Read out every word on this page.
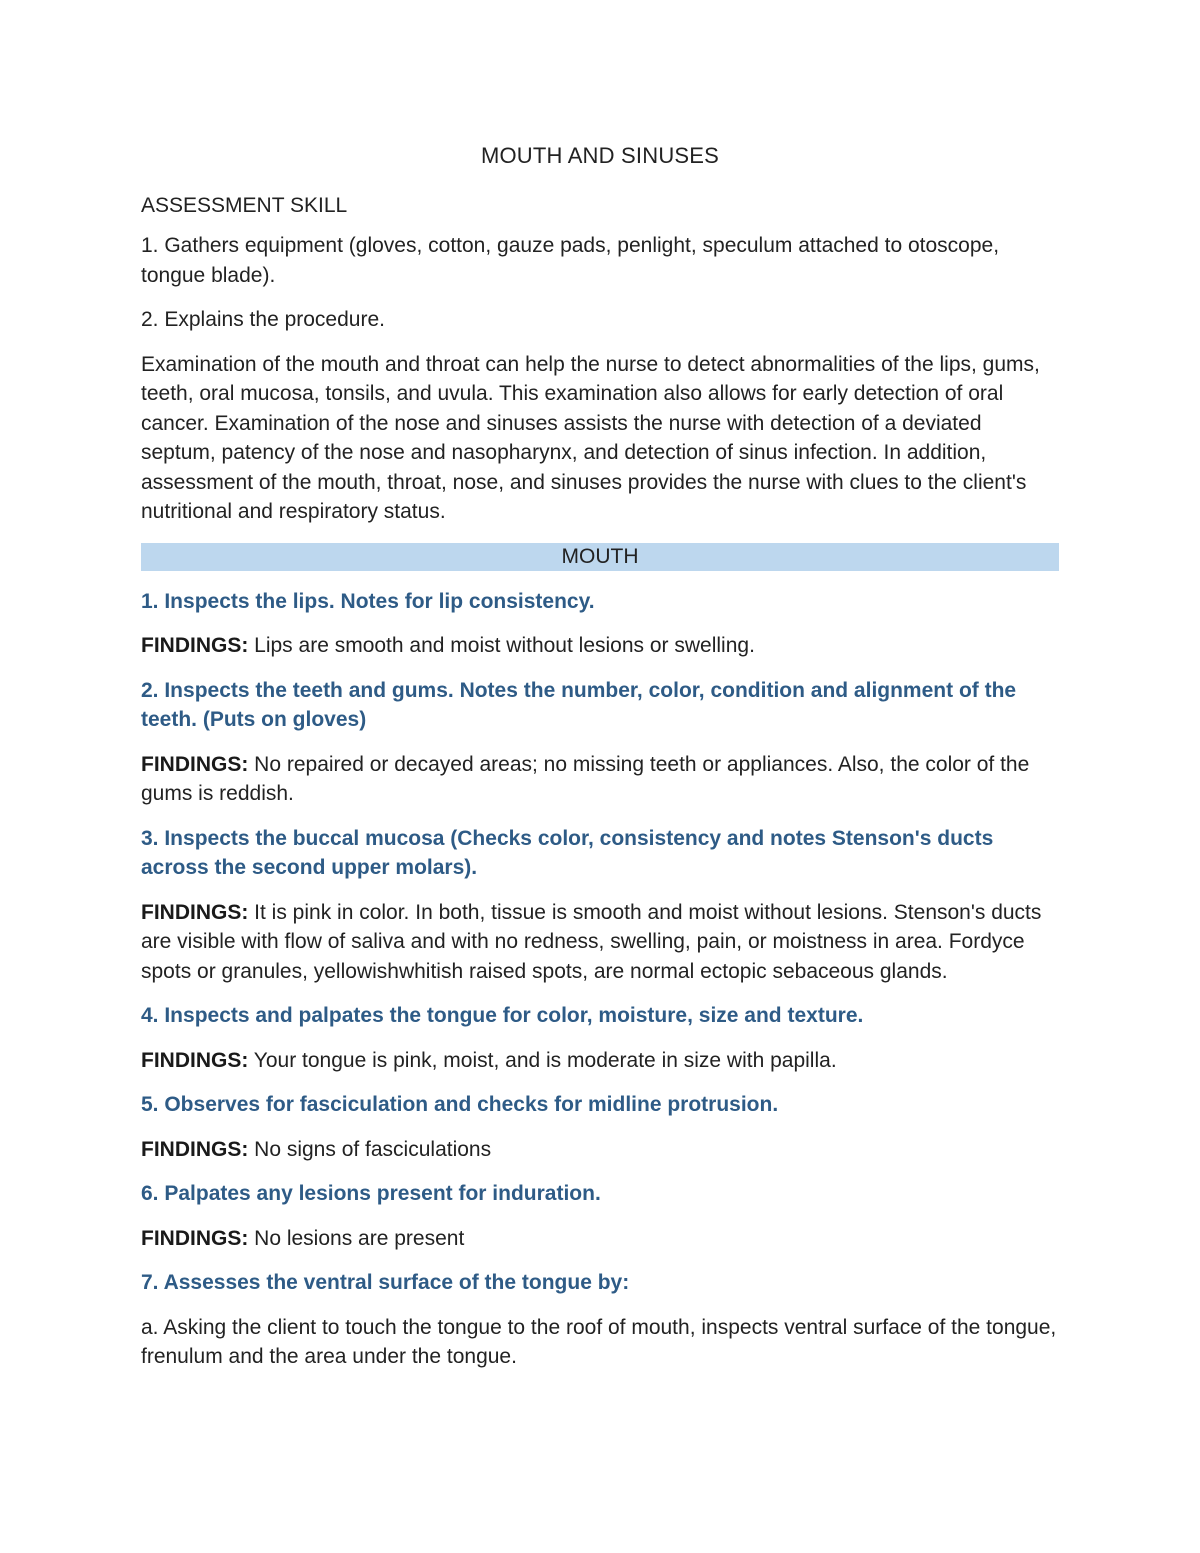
MOUTH AND SINUSES
ASSESSMENT SKILL

1. Gathers equipment (gloves, cotton, gauze pads, penlight, speculum attached to otoscope, tongue blade).

2. Explains the procedure.

Examination of the mouth and throat can help the nurse to detect abnormalities of the lips, gums, teeth, oral mucosa, tonsils, and uvula. This examination also allows for early detection of oral cancer. Examination of the nose and sinuses assists the nurse with detection of a deviated septum, patency of the nose and nasopharynx, and detection of sinus infection. In addition, assessment of the mouth, throat, nose, and sinuses provides the nurse with clues to the client's nutritional and respiratory status.

MOUTH
1. Inspects the lips. Notes for lip consistency.

FINDINGS: Lips are smooth and moist without lesions or swelling.

2. Inspects the teeth and gums. Notes the number, color, condition and alignment of the teeth. (Puts on gloves)

FINDINGS: No repaired or decayed areas; no missing teeth or appliances. Also, the color of the gums is reddish.

3. Inspects the buccal mucosa (Checks color, consistency and notes Stenson's ducts across the second upper molars).

FINDINGS: It is pink in color. In both, tissue is smooth and moist without lesions. Stenson's ducts are visible with flow of saliva and with no redness, swelling, pain, or moistness in area. Fordyce spots or granules, yellowishwhitish raised spots, are normal ectopic sebaceous glands.

4. Inspects and palpates the tongue for color, moisture, size and texture.

FINDINGS: Your tongue is pink, moist, and is moderate in size with papilla.

5. Observes for fasciculation and checks for midline protrusion.

FINDINGS: No signs of fasciculations

6. Palpates any lesions present for induration.

FINDINGS: No lesions are present

7. Assesses the ventral surface of the tongue by:

a. Asking the client to touch the tongue to the roof of mouth, inspects ventral surface of the tongue, frenulum and the area under the tongue.
